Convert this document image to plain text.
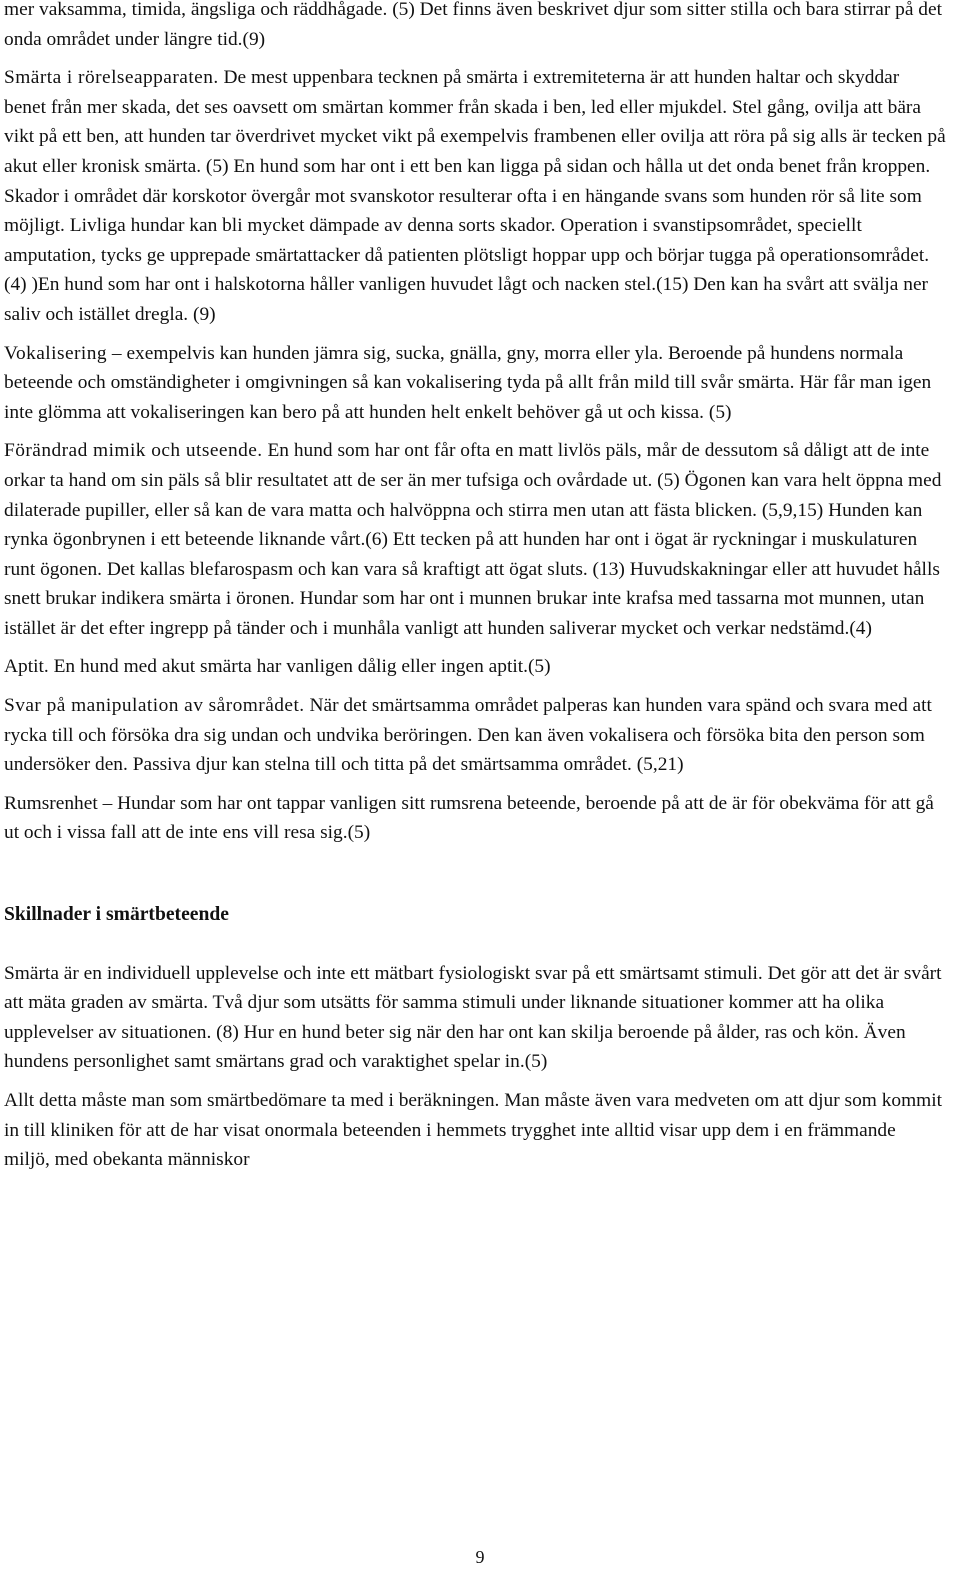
mer vaksamma, timida, ängsliga och räddhågade. (5) Det finns även beskrivet djur som sitter stilla och bara stirrar på det onda området under längre tid.(9)

Smärta i rörelseapparaten. De mest uppenbara tecknen på smärta i extremiteterna är att hunden haltar och skyddar benet från mer skada, det ses oavsett om smärtan kommer från skada i ben, led eller mjukdel. Stel gång, ovilja att bära vikt på ett ben, att hunden tar överdrivet mycket vikt på exempelvis frambenen eller ovilja att röra på sig alls är tecken på akut eller kronisk smärta. (5) En hund som har ont i ett ben kan ligga på sidan och hålla ut det onda benet från kroppen. Skador i området där korskotor övergår mot svanskotor resulterar ofta i en hängande svans som hunden rör så lite som möjligt. Livliga hundar kan bli mycket dämpade av denna sorts skador. Operation i svanstipsområdet, speciellt amputation, tycks ge upprepade smärtattacker då patienten plötsligt hoppar upp och börjar tugga på operationsområdet. (4) )En hund som har ont i halskotorna håller vanligen huvudet lågt och nacken stel.(15) Den kan ha svårt att svälja ner saliv och istället dregla. (9)

Vokalisering – exempelvis kan hunden jämra sig, sucka, gnälla, gny, morra eller yla. Beroende på hundens normala beteende och omständigheter i omgivningen så kan vokalisering tyda på allt från mild till svår smärta. Här får man igen inte glömma att vokaliseringen kan bero på att hunden helt enkelt behöver gå ut och kissa. (5)

Förändrad mimik och utseende. En hund som har ont får ofta en matt livlös päls, mår de dessutom så dåligt att de inte orkar ta hand om sin päls så blir resultatet att de ser än mer tufsiga och ovårdade ut. (5) Ögonen kan vara helt öppna med dilaterade pupiller, eller så kan de vara matta och halvöppna och stirra men utan att fästa blicken. (5,9,15) Hunden kan rynka ögonbrynen i ett beteende liknande vårt.(6) Ett tecken på att hunden har ont i ögat är ryckningar i muskulaturen runt ögonen. Det kallas blefarospasm och kan vara så kraftigt att ögat sluts. (13) Huvudskakningar eller att huvudet hålls snett brukar indikera smärta i öronen. Hundar som har ont i munnen brukar inte krafsa med tassarna mot munnen, utan istället är det efter ingrepp på tänder och i munhåla vanligt att hunden saliverar mycket och verkar nedstämd.(4)

Aptit. En hund med akut smärta har vanligen dålig eller ingen aptit.(5)

Svar på manipulation av sårområdet. När det smärtsamma området palperas kan hunden vara spänd och svara med att rycka till och försöka dra sig undan och undvika beröringen. Den kan även vokalisera och försöka bita den person som undersöker den. Passiva djur kan stelna till och titta på det smärtsamma området. (5,21)

Rumsrenhet – Hundar som har ont tappar vanligen sitt rumsrena beteende, beroende på att de är för obekväma för att gå ut och i vissa fall att de inte ens vill resa sig.(5)

Skillnader i smärtbeteende

Smärta är en individuell upplevelse och inte ett mätbart fysiologiskt svar på ett smärtsamt stimuli. Det gör att det är svårt att mäta graden av smärta. Två djur som utsätts för samma stimuli under liknande situationer kommer att ha olika upplevelser av situationen. (8) Hur en hund beter sig när den har ont kan skilja beroende på ålder, ras och kön. Även hundens personlighet samt smärtans grad och varaktighet spelar in.(5)

Allt detta måste man som smärtbedömare ta med i beräkningen. Man måste även vara medveten om att djur som kommit in till kliniken för att de har visat onormala beteenden i hemmets trygghet inte alltid visar upp dem i en främmande miljö, med obekanta människor

9
